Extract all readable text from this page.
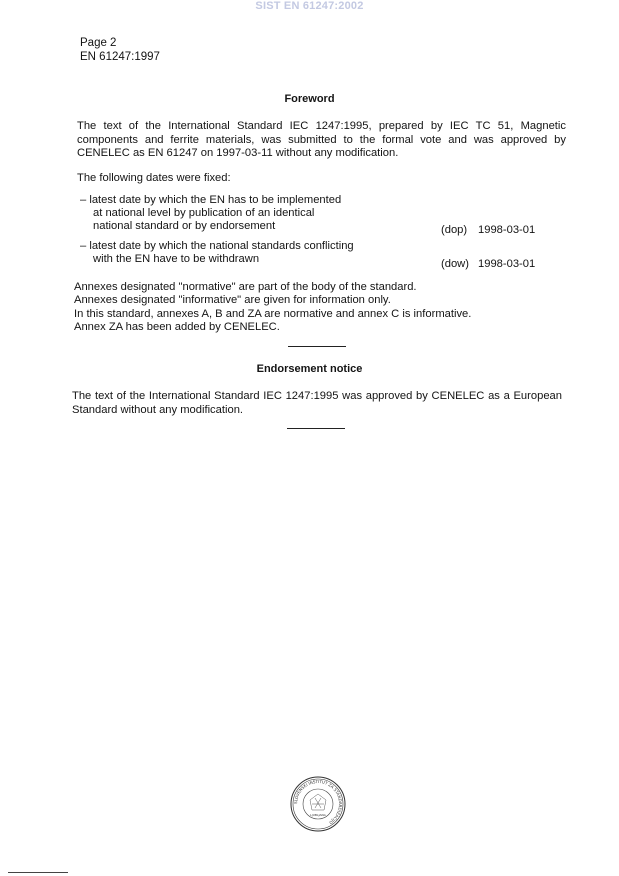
SIST EN 61247:2002
Page 2
EN 61247:1997
Foreword
The text of the International Standard IEC 1247:1995, prepared by IEC TC 51, Magnetic components and ferrite materials, was submitted to the formal vote and was approved by CENELEC as EN 61247 on 1997-03-11 without any modification.
The following dates were fixed:
– latest date by which the EN has to be implemented
at national level by publication of an identical
national standard or by endorsement	(dop) 1998-03-01
– latest date by which the national standards conflicting
with the EN have to be withdrawn	(dow) 1998-03-01
Annexes designated "normative" are part of the body of the standard.
Annexes designated "informative" are given for information only.
In this standard, annexes A, B and ZA are normative and annex C is informative.
Annex ZA has been added by CENELEC.
Endorsement notice
The text of the International Standard IEC 1247:1995 was approved by CENELEC as a European Standard without any modification.
SLOVENSKI INŠTITUT ZA STANDARDIZACIJO
LJUBLJANA
